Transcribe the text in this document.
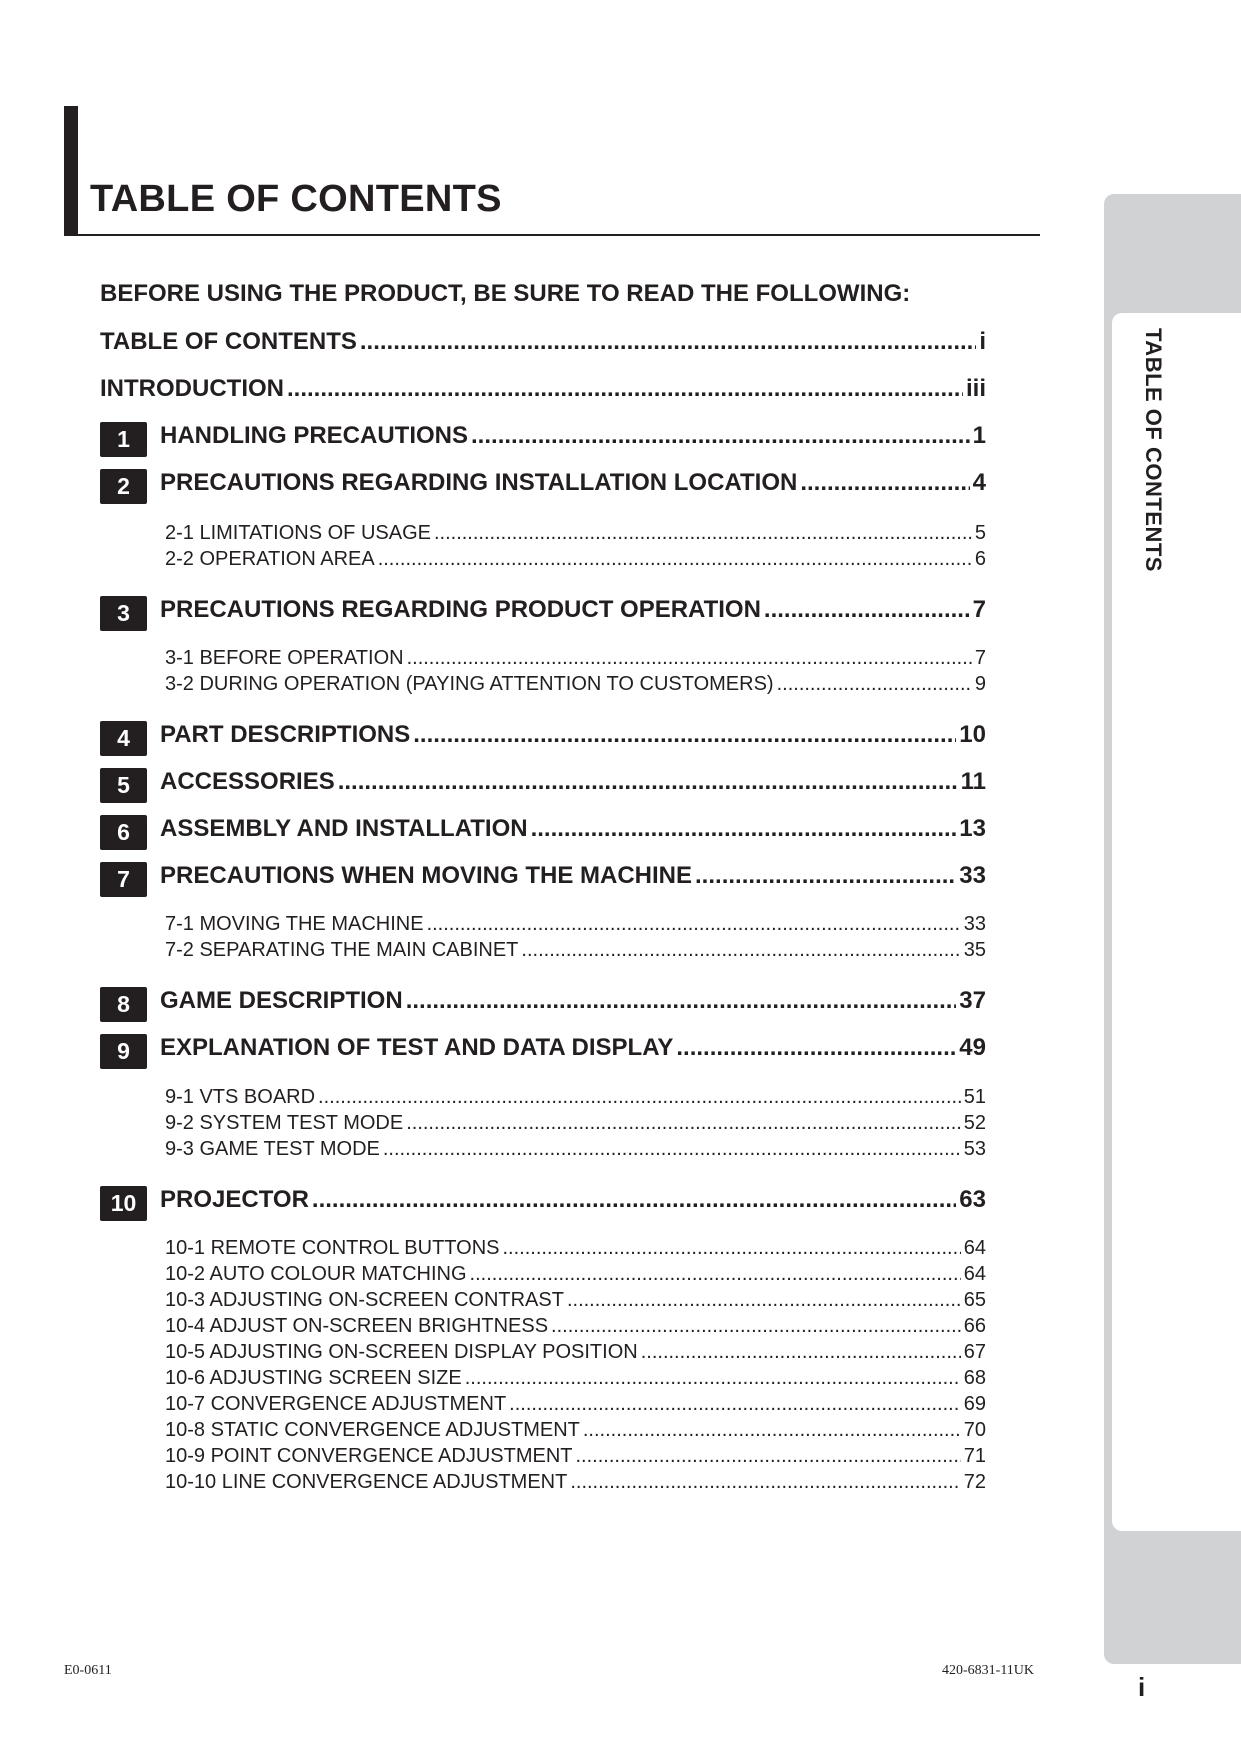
TABLE OF CONTENTS
BEFORE USING THE PRODUCT, BE SURE TO READ THE FOLLOWING:
TABLE OF CONTENTS .....	i
INTRODUCTION .....	iii
1	HANDLING PRECAUTIONS .....	1
2	PRECAUTIONS REGARDING INSTALLATION LOCATION .....	4
2-1 LIMITATIONS OF USAGE .....	5
2-2 OPERATION AREA .....	6
3	PRECAUTIONS REGARDING PRODUCT OPERATION .....	7
3-1 BEFORE OPERATION .....	7
3-2 DURING OPERATION (PAYING ATTENTION TO CUSTOMERS) .....	9
4	PART DESCRIPTIONS .....	10
5	ACCESSORIES .....	11
6	ASSEMBLY AND INSTALLATION .....	13
7	PRECAUTIONS WHEN MOVING THE MACHINE .....	33
7-1 MOVING THE MACHINE .....	33
7-2 SEPARATING THE MAIN CABINET .....	35
8	GAME DESCRIPTION .....	37
9	EXPLANATION OF TEST AND DATA DISPLAY .....	49
9-1 VTS BOARD .....	51
9-2 SYSTEM TEST MODE .....	52
9-3 GAME TEST MODE .....	53
10 PROJECTOR .....	63
10-1 REMOTE CONTROL BUTTONS .....	64
10-2 AUTO COLOUR MATCHING .....	64
10-3 ADJUSTING ON-SCREEN CONTRAST .....	65
10-4 ADJUST ON-SCREEN BRIGHTNESS .....	66
10-5 ADJUSTING ON-SCREEN DISPLAY POSITION .....	67
10-6 ADJUSTING SCREEN SIZE .....	68
10-7 CONVERGENCE ADJUSTMENT .....	69
10-8 STATIC CONVERGENCE ADJUSTMENT .....	70
10-9 POINT CONVERGENCE ADJUSTMENT .....	71
10-10 LINE CONVERGENCE ADJUSTMENT .....	72
TABLE OF CONTENTS
E0-0611	420-6831-11UK
i
